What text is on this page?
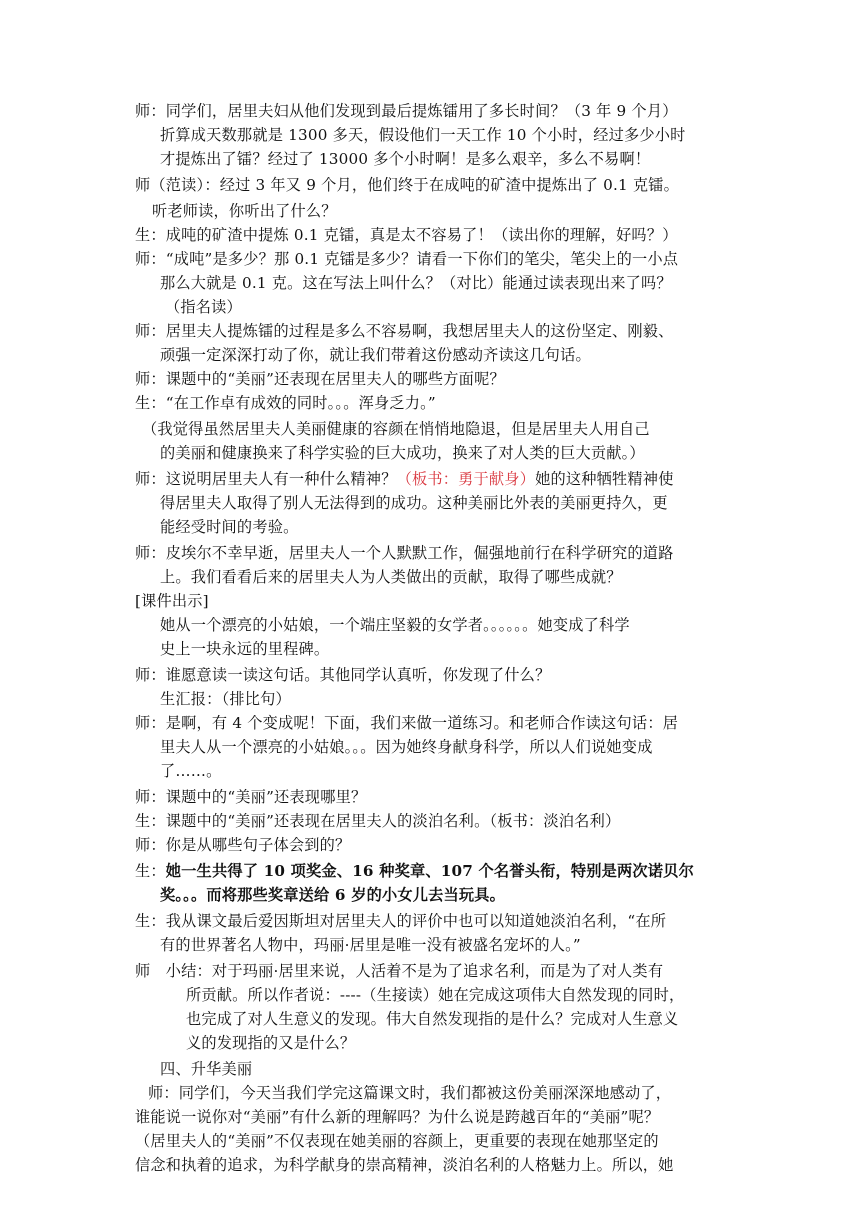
师：同学们，居里夫妇从他们发现到最后提炼镭用了多长时间？（3 年 9 个月）
折算成天数那就是 1300 多天，假设他们一天工作 10 个小时，经过多少小时
才提炼出了镭？经过了 13000 多个小时啊！是多么艰辛，多么不易啊！
师（范读）：经过 3 年又 9 个月，他们终于在成吨的矿渣中提炼出了 0.1 克镭。
听老师读，你听出了什么？
生：成吨的矿渣中提炼 0.1 克镭，真是太不容易了！（读出你的理解，好吗？）
师：“成吨”是多少？那 0.1 克镭是多少？请看一下你们的笔尖，笔尖上的一小点
那么大就是 0.1 克。这在写法上叫什么？（对比）能通过读表现出来了吗？
（指名读）
师：居里夫人提炼镭的过程是多么不容易啊，我想居里夫人的这份坚定、刚毅、
顽强一定深深打动了你，就让我们带着这份感动齐读这几句话。
师：课题中的“美丽”还表现在居里夫人的哪些方面呢？
生：“在工作卓有成效的同时。。。浑身乏力。”
（我觉得虽然居里夫人美丽健康的容颜在悄悄地隐退，但是居里夫人用自己
的美丽和健康换来了科学实验的巨大成功，换来了对人类的巨大贡献。）
师：这说明居里夫人有一种什么精神？（板书：勇于献身）她的这种牺牲精神使
得居里夫人取得了别人无法得到的成功。这种美丽比外表的美丽更持久，更
能经受时间的考验。
师：皮埃尔不幸早逝，居里夫人一个人默默工作，倔强地前行在科学研究的道路
上。我们看看后来的居里夫人为人类做出的贡献，取得了哪些成就？
[课件出示]
她从一个漂亮的小姑娘，一个端庄坚毅的女学者。。。。。。她变成了科学
史上一块永远的里程碑。
师：谁愿意读一读这句话。其他同学认真听，你发现了什么？
生汇报：（排比句）
师：是啊，有 4 个变成呢！下面，我们来做一道练习。和老师合作读这句话：居
里夫人从一个漂亮的小姑娘。。。因为她终身献身科学，所以人们说她变成
了……。
师：课题中的“美丽”还表现哪里？
生：课题中的“美丽”还表现在居里夫人的淡泊名利。（板书：淡泊名利）
师：你是从哪些句子体会到的？
生：她一生共得了 10 项奖金、16 种奖章、107 个名誉头衔，特别是两次诺贝尔
奖。。。而将那些奖章送给 6 岁的小女儿去当玩具。
生：我从课文最后爱因斯坦对居里夫人的评价中也可以知道她淡泊名利，“在所
有的世界著名人物中，玛丽·居里是唯一没有被盛名宠坏的人。”
师　小结：对于玛丽·居里来说，人活着不是为了追求名利，而是为了对人类有
所贡献。所以作者说：----（生接读）她在完成这项伟大自然发现的同时，
也完成了对人生意义的发现。伟大自然发现指的是什么？完成对人生意义
义的发现指的又是什么？
四、升华美丽
师：同学们，今天当我们学完这篇课文时，我们都被这份美丽深深地感动了，
谁能说一说你对“美丽”有什么新的理解吗？为什么说是跨越百年的“美丽”呢？
（居里夫人的“美丽”不仅表现在她美丽的容颜上，更重要的表现在她那坚定的
信念和执着的追求，为科学献身的崇高精神，淡泊名利的人格魅力上。所以，她
